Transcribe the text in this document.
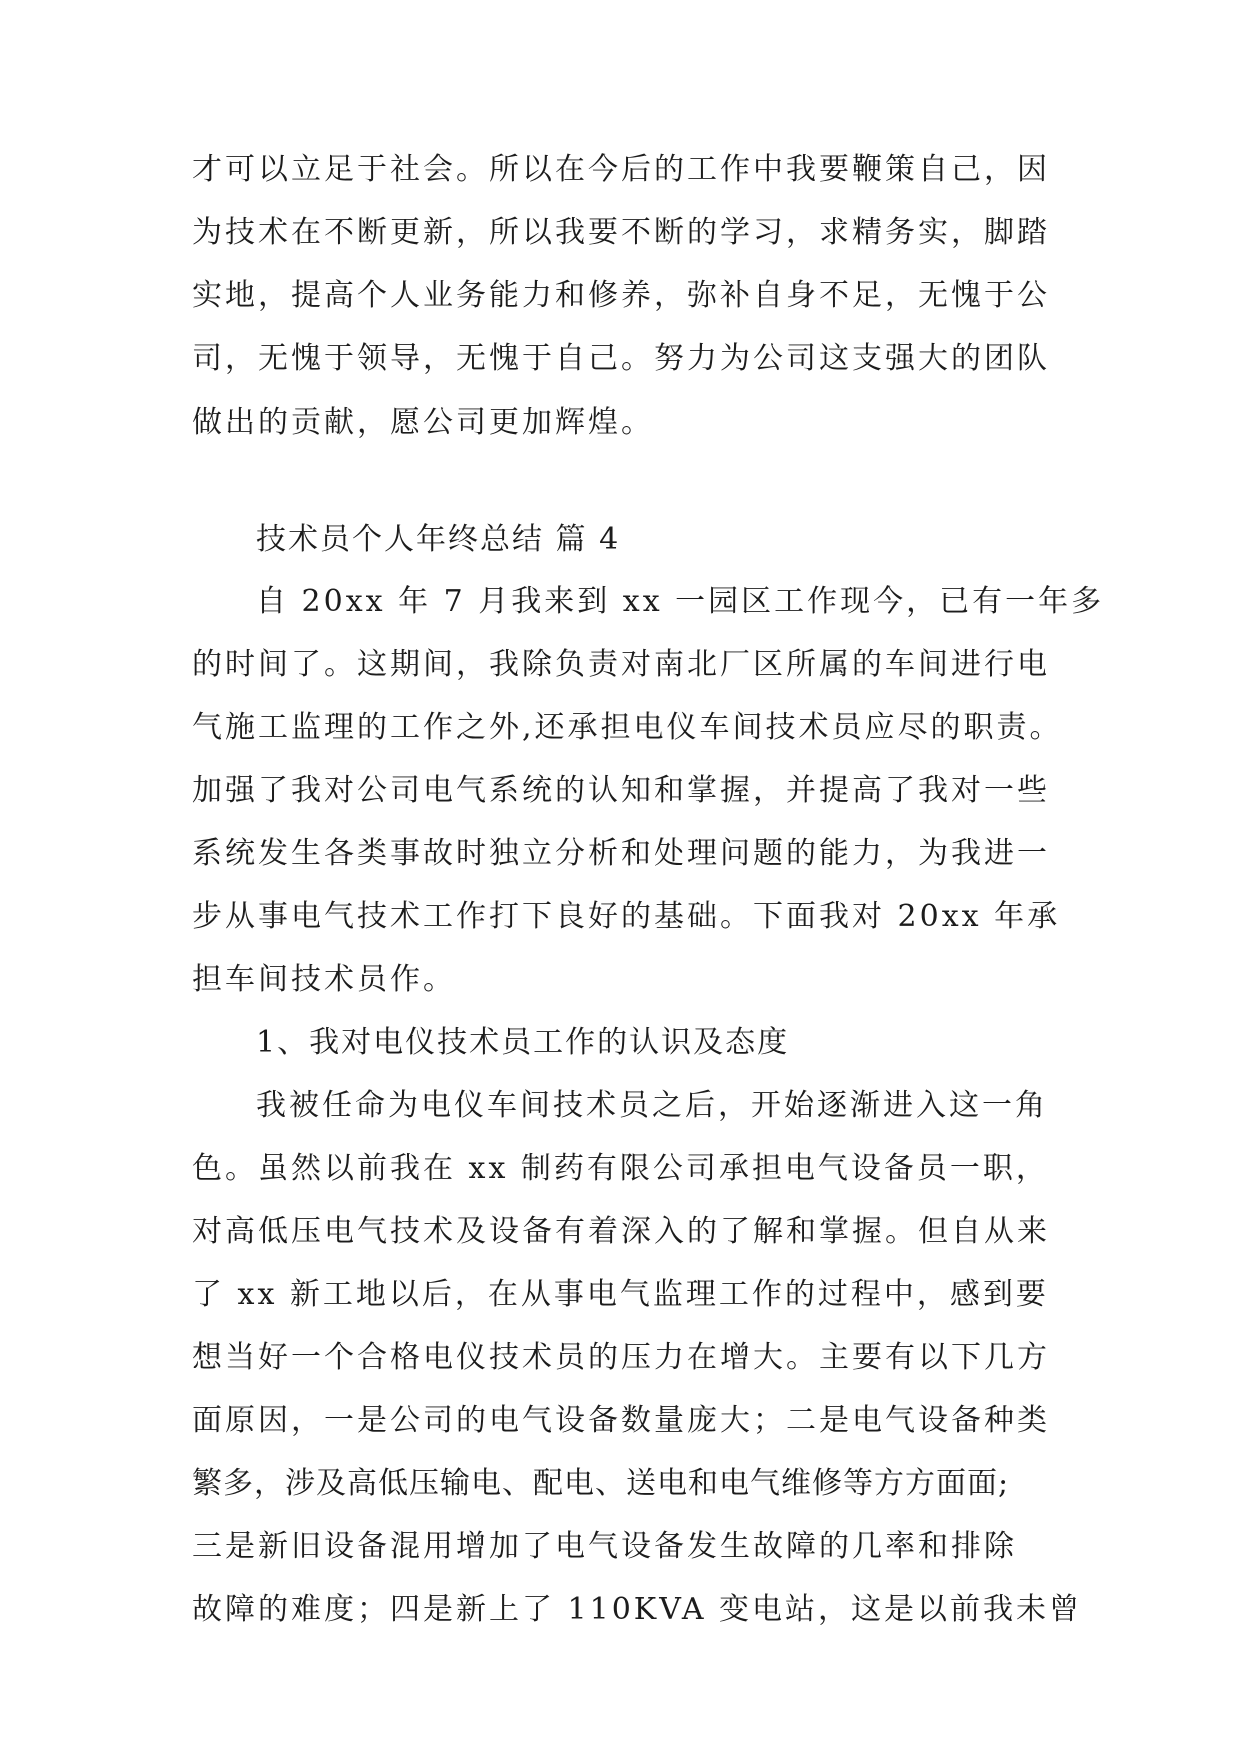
才可以立足于社会。所以在今后的工作中我要鞭策自己，因
为技术在不断更新，所以我要不断的学习，求精务实，脚踏
实地，提高个人业务能力和修养，弥补自身不足，无愧于公
司，无愧于领导，无愧于自己。努力为公司这支强大的团队
做出的贡献，愿公司更加辉煌。
技术员个人年终总结 篇 4
自 20xx 年 7 月我来到 xx 一园区工作现今，已有一年多
的时间了。这期间，我除负责对南北厂区所属的车间进行电
气施工监理的工作之外,还承担电仪车间技术员应尽的职责。
加强了我对公司电气系统的认知和掌握，并提高了我对一些
系统发生各类事故时独立分析和处理问题的能力，为我进一
步从事电气技术工作打下良好的基础。下面我对 20xx 年承
担车间技术员作。
1、我对电仪技术员工作的认识及态度
我被任命为电仪车间技术员之后，开始逐渐进入这一角
色。虽然以前我在 xx 制药有限公司承担电气设备员一职，
对高低压电气技术及设备有着深入的了解和掌握。但自从来
了 xx 新工地以后，在从事电气监理工作的过程中，感到要
想当好一个合格电仪技术员的压力在增大。主要有以下几方
面原因，一是公司的电气设备数量庞大；二是电气设备种类
繁多，涉及高低压输电、配电、送电和电气维修等方方面面;
三是新旧设备混用增加了电气设备发生故障的几率和排除
故障的难度；四是新上了 110KVA 变电站，这是以前我未曾
